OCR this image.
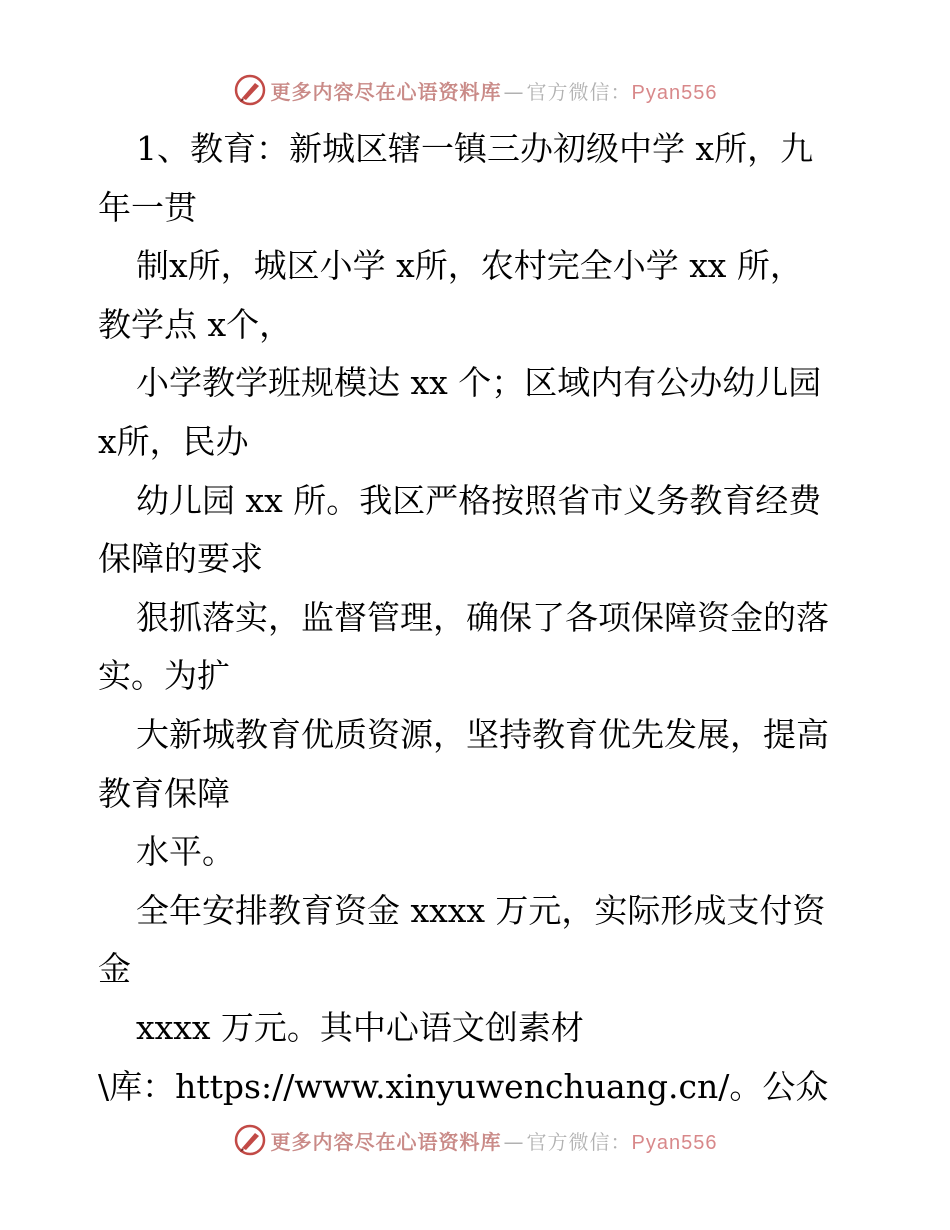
更多内容尽在心语资料库 — 官方微信：Pyan556
1、教育：新城区辖一镇三办初级中学 x所，九
年一贯
制x所，城区小学 x所，农村完全小学 xx 所，
教学点 x个，
小学教学班规模达 xx 个；区域内有公办幼儿园
x所，民办
幼儿园 xx 所。我区严格按照省市义务教育经费
保障的要求
狠抓落实，监督管理，确保了各项保障资金的落
实。为扩
大新城教育优质资源，坚持教育优先发展，提高
教育保障
水平。
全年安排教育资金 xxxx 万元，实际形成支付资
金
xxxx 万元。其中心语文创素材
\库：https://www.xinyuwenchuang.cn/。公众
更多内容尽在心语资料库 — 官方微信：Pyan556
